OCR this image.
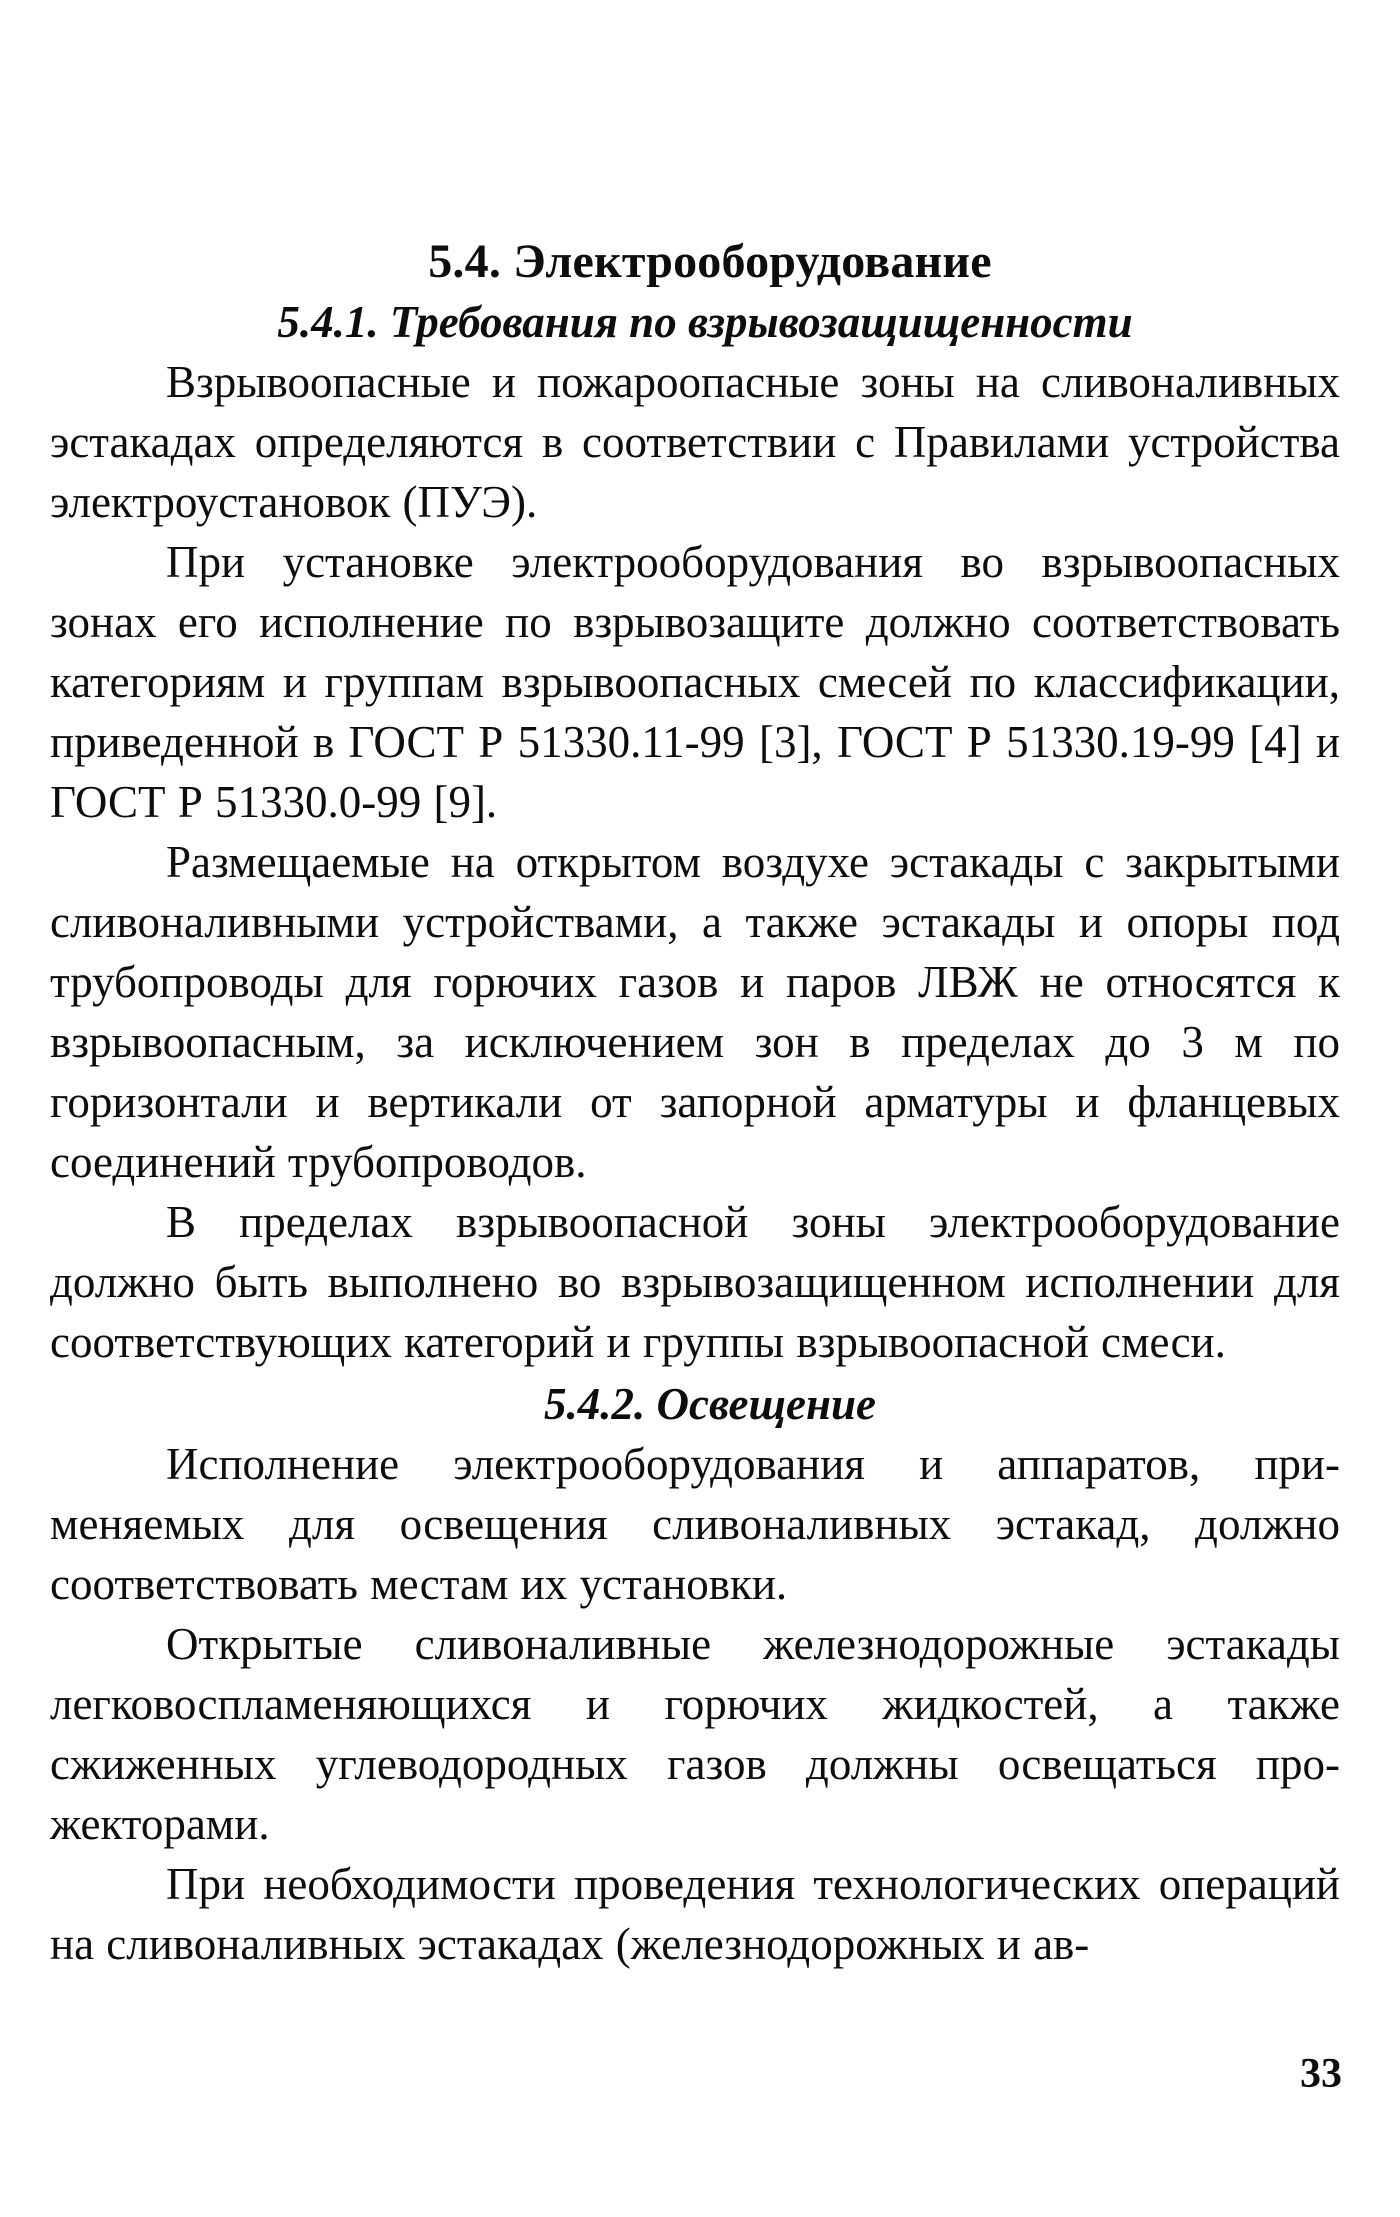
5.4. Электрооборудование
5.4.1. Требования по взрывозащищенности

Взрывоопасные и пожароопасные зоны на сливоналивных эстакадах определяются в соответствии с Правилами устройства электроустановок (ПУЭ).

При установке электрооборудования во взрывоопасных зонах его исполнение по взрывозащите должно соответствовать категориям и группам взрывоопасных смесей по классификации, приведенной в ГОСТ Р 51330.11-99 [3], ГОСТ Р 51330.19-99 [4] и ГОСТ Р 51330.0-99 [9].

Размещаемые на открытом воздухе эстакады с закрытыми сливоналивными устройствами, а также эстакады и опоры под трубопроводы для горючих газов и паров ЛВЖ не относятся к взрывоопасным, за исключением зон в пределах до 3 м по горизонтали и вертикали от запорной арматуры и фланцевых соединений трубопроводов.

В пределах взрывоопасной зоны электрооборудование должно быть выполнено во взрывозащищенном исполнении для соответствующих категорий и группы взрывоопасной смеси.

5.4.2. Освещение

Исполнение электрооборудования и аппаратов, применяемых для освещения сливоналивных эстакад, должно соответствовать местам их установки.

Открытые сливоналивные железнодорожные эстакады легковоспламеняющихся и горючих жидкостей, а также сжиженных углеводородных газов должны освещаться прожекторами.

При необходимости проведения технологических операций на сливоналивных эстакадах (железнодорожных и ав-

33
